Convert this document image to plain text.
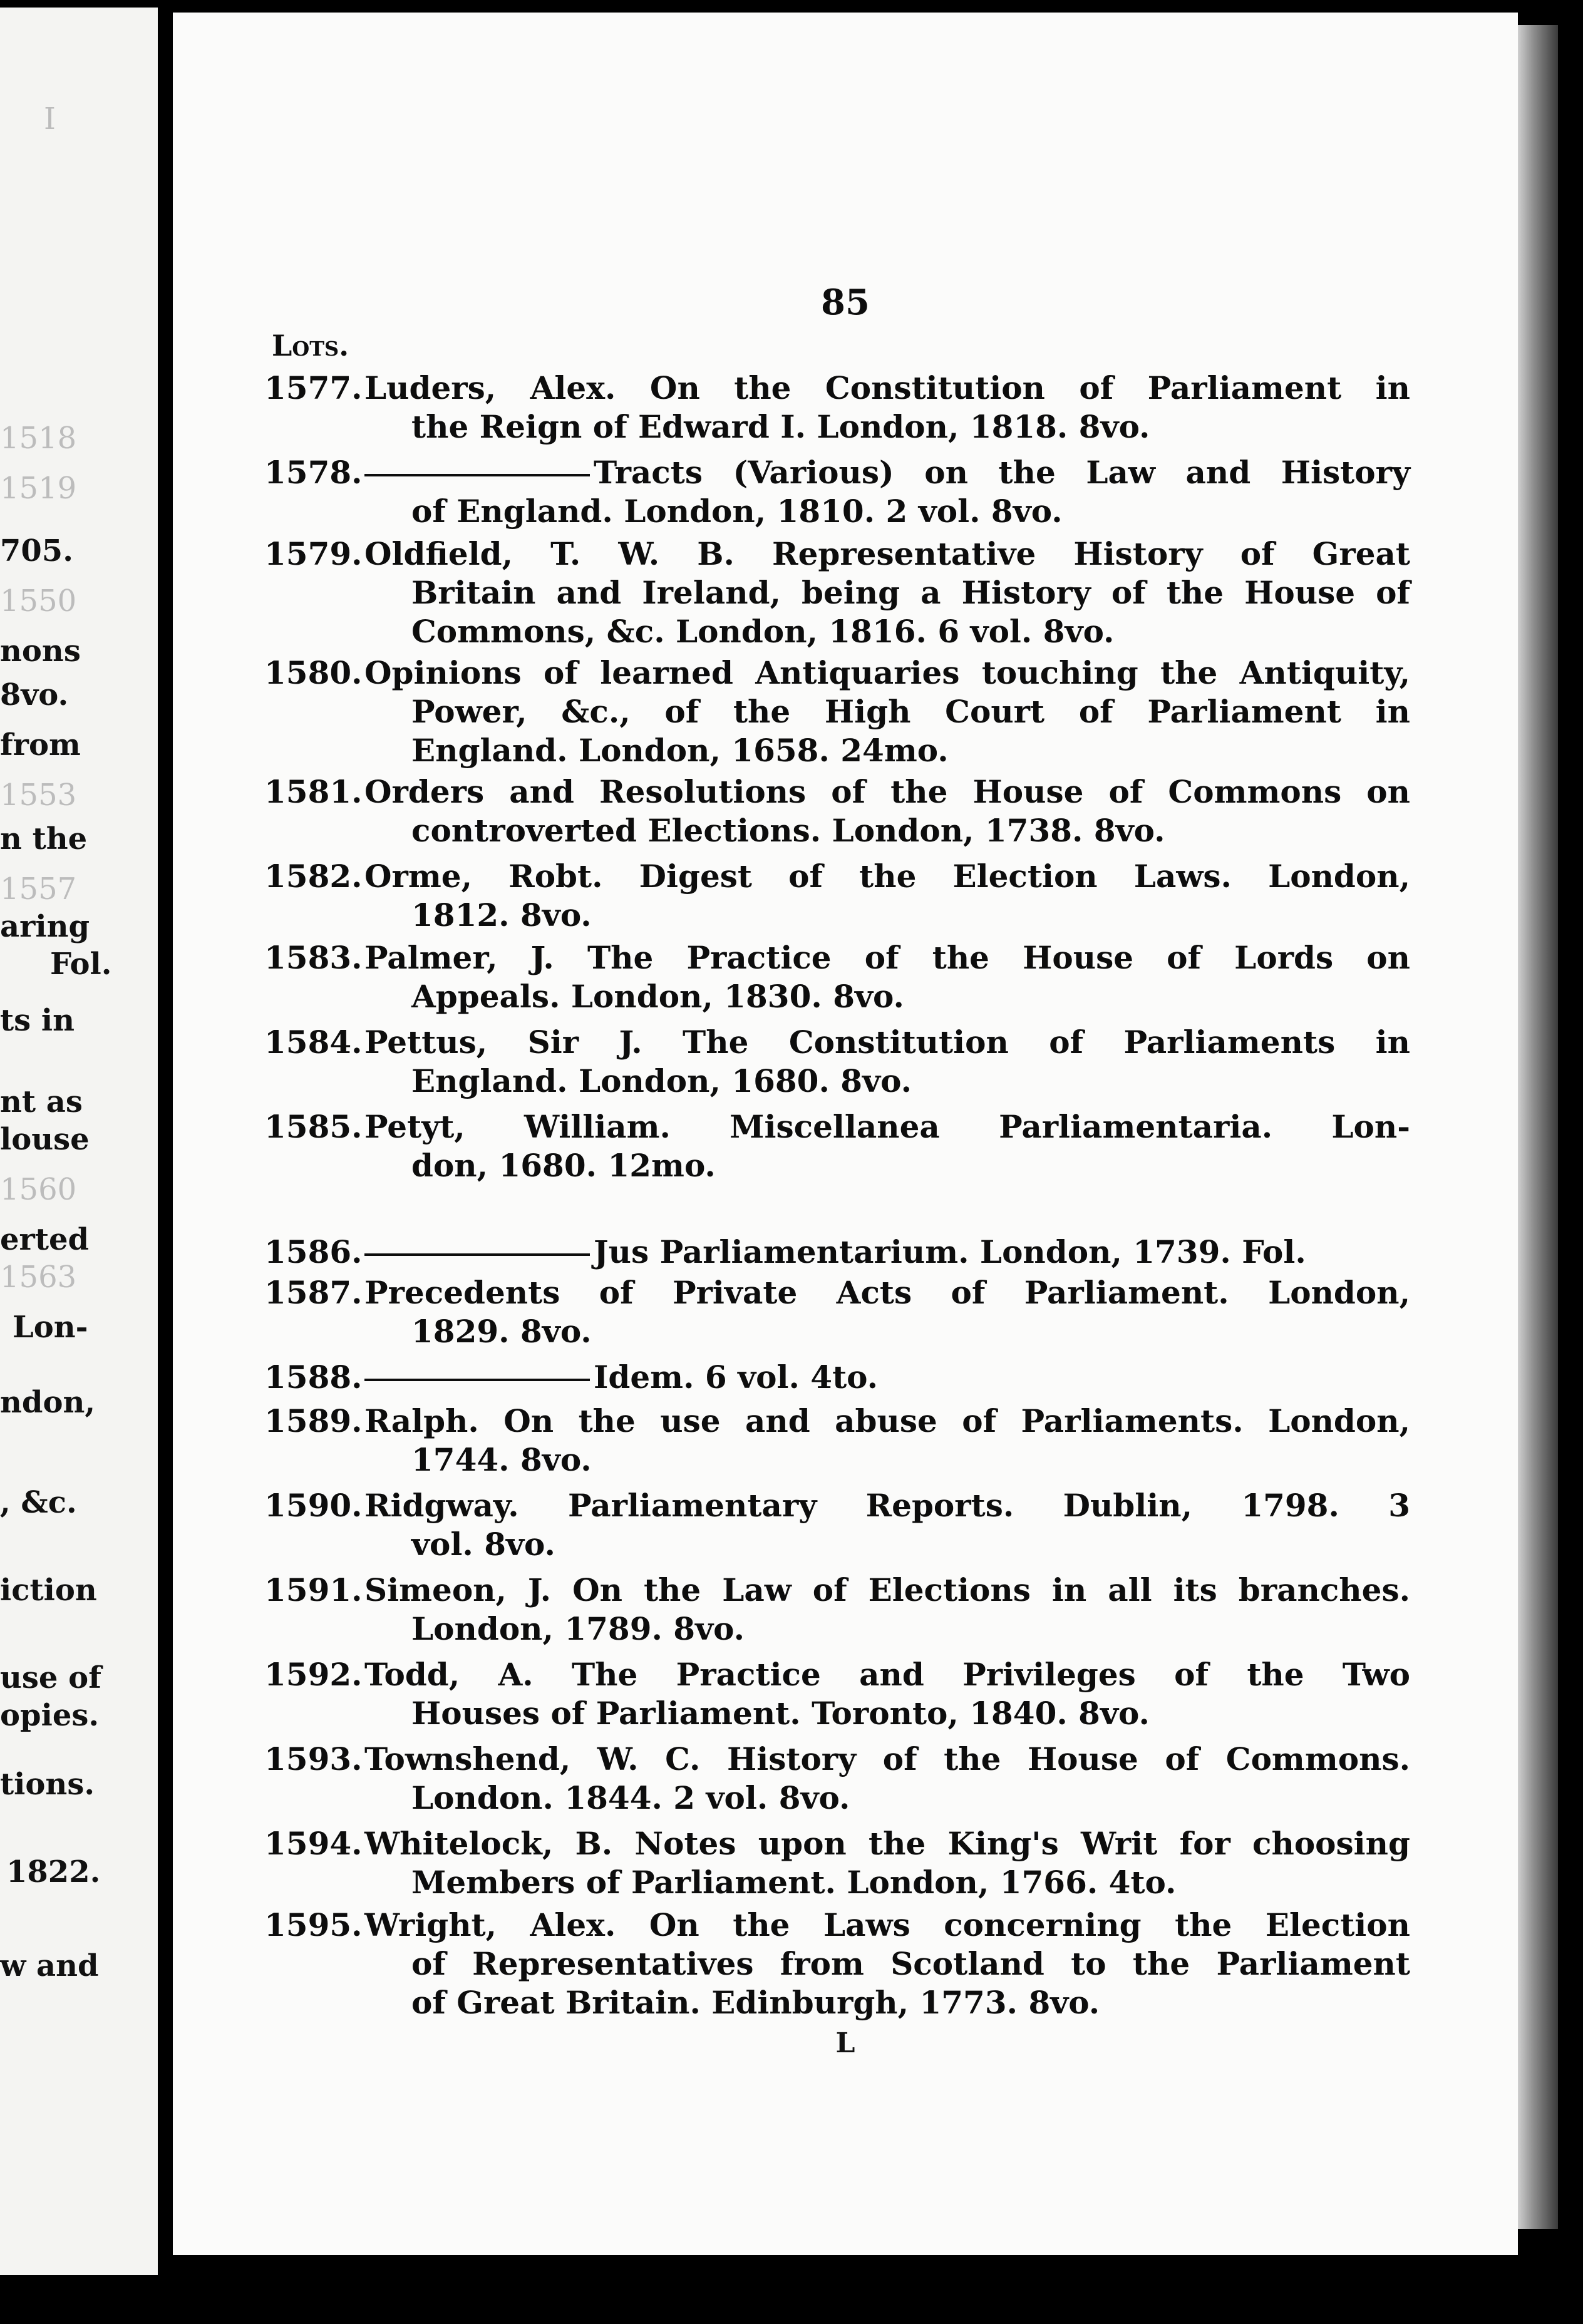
I
1518
1519
705.
1550
nons
8vo.
from
1553
n the
1557
aring
Fol.
ts in
nt as
louse
1560
erted
1563
Lon-
ndon,
, &c.
iction
use of
opies.
tions.
1822.
w and
85
Lots.
1577. Luders, Alex. On the Constitution of Parliament in
the Reign of Edward I. London, 1818. 8vo.
1578.	Tracts (Various) on the Law and History
of England. London, 1810. 2 vol. 8vo.
1579. Oldfield, T. W. B. Representative History of Great
Britain and Ireland, being a History of the House of
Commons, &c. London, 1816. 6 vol. 8vo.
1580. Opinions of learned Antiquaries touching the Antiquity,
Power, &c., of the High Court of Parliament in
England. London, 1658. 24mo.
1581. Orders and Resolutions of the House of Commons on
controverted Elections. London, 1738. 8vo.
1582. Orme, Robt. Digest of the Election Laws. London,
1812. 8vo.
1583. Palmer, J. The Practice of the House of Lords on
Appeals. London, 1830. 8vo.
1584. Pettus, Sir J. The Constitution of Parliaments in
England. London, 1680. 8vo.
1585. Petyt, William. Miscellanea Parliamentaria. Lon-
don, 1680. 12mo.
1586.	Jus Parliamentarium. London, 1739. Fol.
1587. Precedents of Private Acts of Parliament. London,
1829. 8vo.
1588.	Idem. 6 vol. 4to.
1589. Ralph. On the use and abuse of Parliaments. London,
1744. 8vo.
1590. Ridgway. Parliamentary Reports. Dublin, 1798. 3
vol. 8vo.
1591. Simeon, J. On the Law of Elections in all its branches.
London, 1789. 8vo.
1592. Todd, A. The Practice and Privileges of the Two
Houses of Parliament. Toronto, 1840. 8vo.
1593. Townshend, W. C. History of the House of Commons.
London. 1844. 2 vol. 8vo.
1594. Whitelock, B. Notes upon the King's Writ for choosing
Members of Parliament. London, 1766. 4to.
1595. Wright, Alex. On the Laws concerning the Election
of Representatives from Scotland to the Parliament
of Great Britain. Edinburgh, 1773. 8vo.
L
